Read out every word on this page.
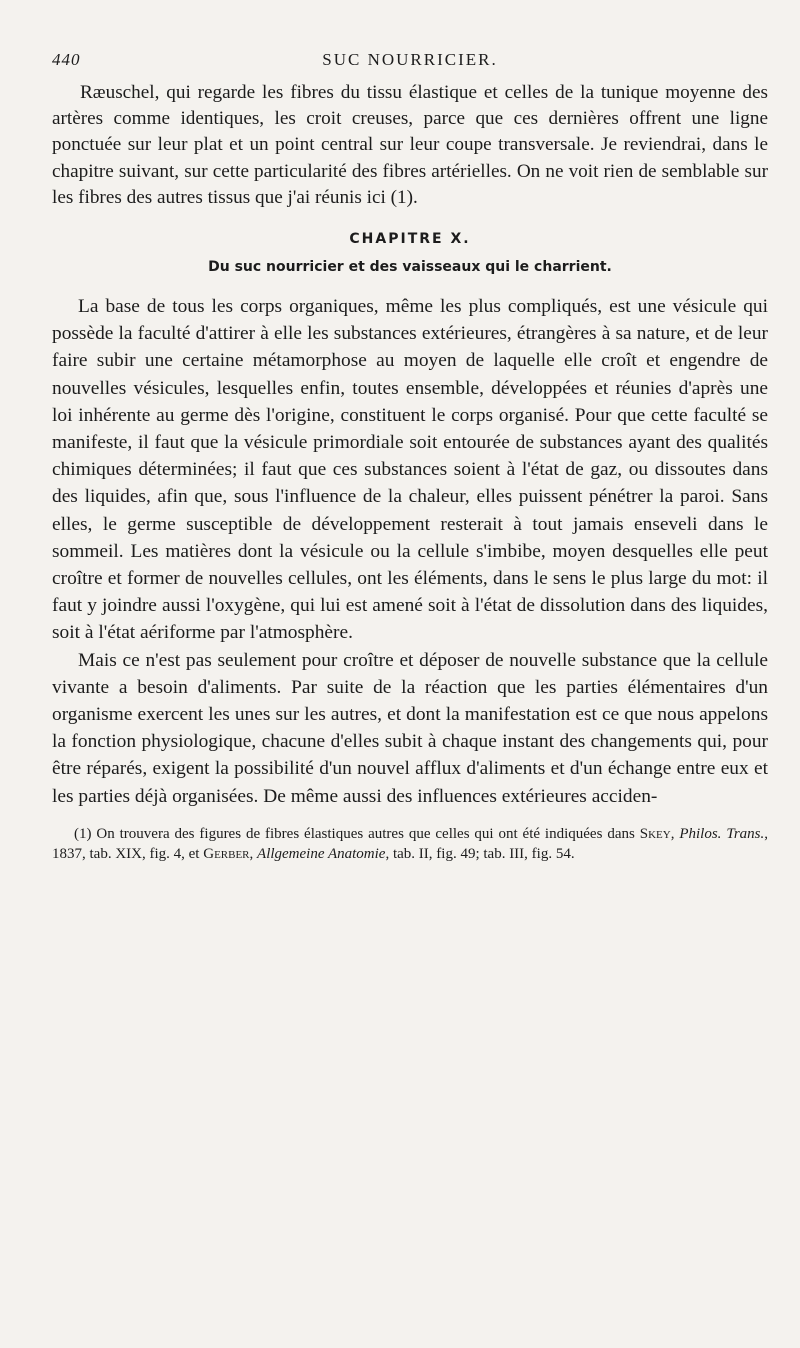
440	SUC NOURRICIER.

Ræuschel, qui regarde les fibres du tissu élastique et celles de la tunique moyenne des artères comme identiques, les croit creuses, parce que ces dernières offrent une ligne ponctuée sur leur plat et un point central sur leur coupe transversale. Je reviendrai, dans le chapitre suivant, sur cette particularité des fibres artérielles. On ne voit rien de semblable sur les fibres des autres tissus que j'ai réunis ici (1).

CHAPITRE X.
Du suc nourricier et des vaisseaux qui le charrient.

La base de tous les corps organiques, même les plus compliqués, est une vésicule qui possède la faculté d'attirer à elle les substances extérieures, étrangères à sa nature, et de leur faire subir une certaine métamorphose au moyen de laquelle elle croît et engendre de nouvelles vésicules, lesquelles enfin, toutes ensemble, développées et réunies d'après une loi inhérente au germe dès l'origine, constituent le corps organisé. Pour que cette faculté se manifeste, il faut que la vésicule primordiale soit entourée de substances ayant des qualités chimiques déterminées; il faut que ces substances soient à l'état de gaz, ou dissoutes dans des liquides, afin que, sous l'influence de la chaleur, elles puissent pénétrer la paroi. Sans elles, le germe susceptible de développement resterait à tout jamais enseveli dans le sommeil. Les matières dont la vésicule ou la cellule s'imbibe, moyen desquelles elle peut croître et former de nouvelles cellules, ont les éléments, dans le sens le plus large du mot: il faut y joindre aussi l'oxygène, qui lui est amené soit à l'état de dissolution dans des liquides, soit à l'état aériforme par l'atmosphère.

Mais ce n'est pas seulement pour croître et déposer de nouvelle substance que la cellule vivante a besoin d'aliments. Par suite de la réaction que les parties élémentaires d'un organisme exercent les unes sur les autres, et dont la manifestation est ce que nous appelons la fonction physiologique, chacune d'elles subit à chaque instant des changements qui, pour être réparés, exigent la possibilité d'un nouvel afflux d'aliments et d'un échange entre eux et les parties déjà organisées. De même aussi des influences extérieures acciden-

(1) On trouvera des figures de fibres élastiques autres que celles qui ont été indiquées dans Skey, Philos. Trans., 1837, tab. XIX, fig. 4, et Gerber, Allgemeine Anatomie, tab. II, fig. 49; tab. III, fig. 54.
